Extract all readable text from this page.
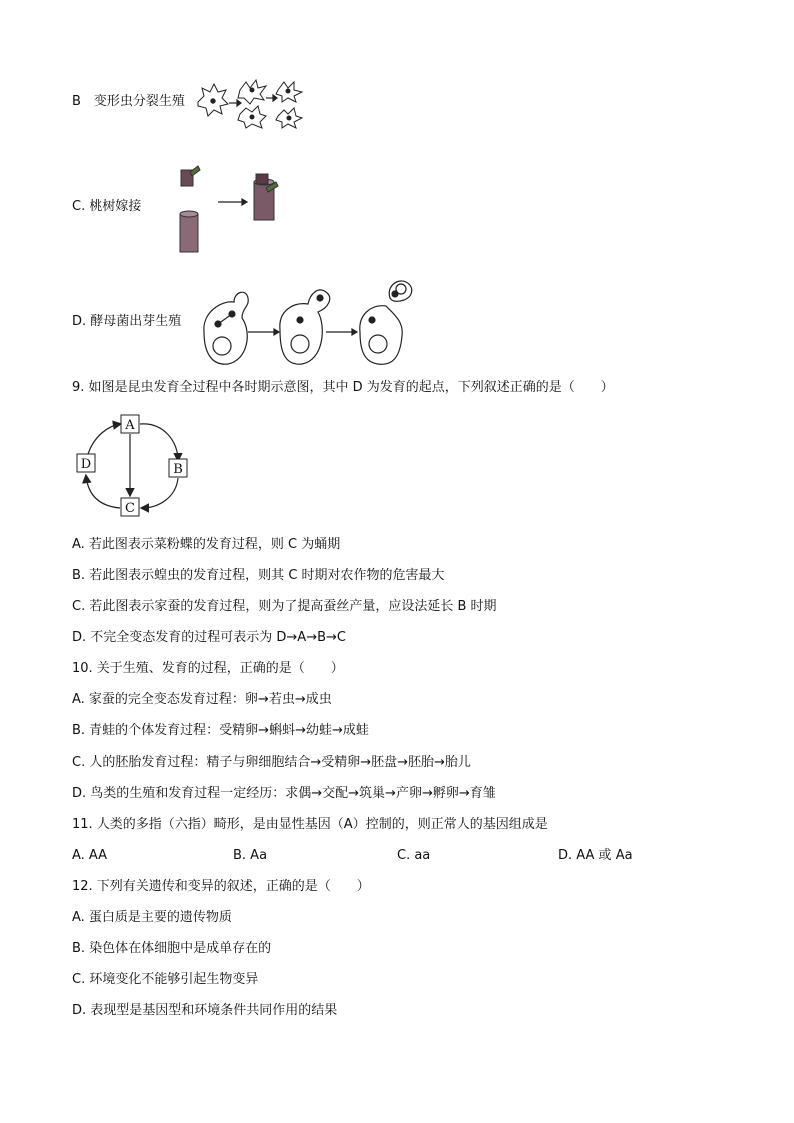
B　变形虫分裂生殖
C. 桃树嫁接
D. 酵母菌出芽生殖
9. 如图是昆虫发育全过程中各时期示意图，其中 D 为发育的起点，下列叙述正确的是（　　）
A
B
C
D
A. 若此图表示菜粉蝶的发育过程，则 C 为蛹期
B. 若此图表示蝗虫的发育过程，则其 C 时期对农作物的危害最大
C. 若此图表示家蚕的发育过程，则为了提高蚕丝产量，应设法延长 B 时期
D. 不完全变态发育的过程可表示为 D→A→B→C
10. 关于生殖、发育的过程，正确的是（　　）
A. 家蚕的完全变态发育过程：卵→若虫→成虫
B. 青蛙的个体发育过程：受精卵→蝌蚪→幼蛙→成蛙
C. 人的胚胎发育过程：精子与卵细胞结合→受精卵→胚盘→胚胎→胎儿
D. 鸟类的生殖和发育过程一定经历：求偶→交配→筑巢→产卵→孵卵→育雏
11. 人类的多指（六指）畸形，是由显性基因（A）控制的，则正常人的基因组成是
A. AA	B. Aa	C. aa	D. AA 或 Aa
12. 下列有关遗传和变异的叙述，正确的是（　　）
A. 蛋白质是主要的遗传物质
B. 染色体在体细胞中是成单存在的
C. 环境变化不能够引起生物变异
D. 表现型是基因型和环境条件共同作用的结果
